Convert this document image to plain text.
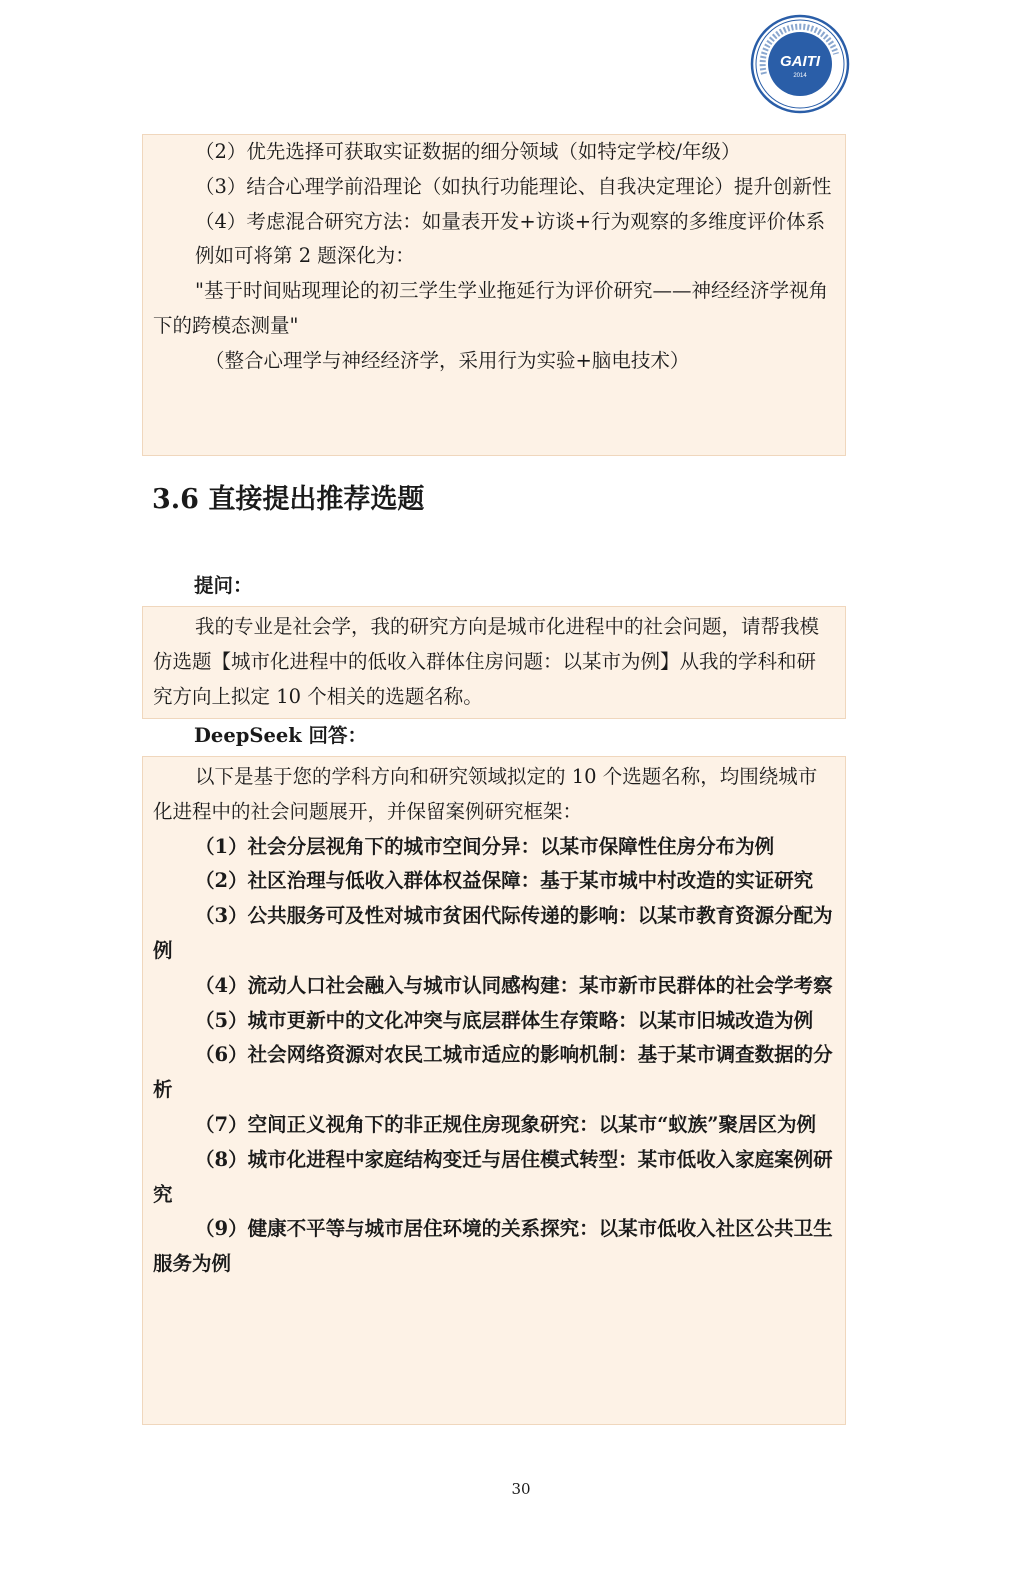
GAITI
2014

（2）优先选择可获取实证数据的细分领域（如特定学校/年级）

（3）结合心理学前沿理论（如执行功能理论、自我决定理论）提升创新性

（4）考虑混合研究方法：如量表开发+访谈+行为观察的多维度评价体系

例如可将第 2 题深化为：

"基于时间贴现理论的初三学生学业拖延行为评价研究——神经经济学视角下的跨模态测量"

（整合心理学与神经经济学，采用行为实验+脑电技术）

3.6 直接提出推荐选题

提问：

我的专业是社会学，我的研究方向是城市化进程中的社会问题，请帮我模仿选题【城市化进程中的低收入群体住房问题：以某市为例】从我的学科和研究方向上拟定 10 个相关的选题名称。

DeepSeek 回答：

以下是基于您的学科方向和研究领域拟定的 10 个选题名称，均围绕城市化进程中的社会问题展开，并保留案例研究框架：

（1）社会分层视角下的城市空间分异：以某市保障性住房分布为例

（2）社区治理与低收入群体权益保障：基于某市城中村改造的实证研究

（3）公共服务可及性对城市贫困代际传递的影响：以某市教育资源分配为例

（4）流动人口社会融入与城市认同感构建：某市新市民群体的社会学考察

（5）城市更新中的文化冲突与底层群体生存策略：以某市旧城改造为例

（6）社会网络资源对农民工城市适应的影响机制：基于某市调查数据的分析

（7）空间正义视角下的非正规住房现象研究：以某市“蚁族”聚居区为例

（8）城市化进程中家庭结构变迁与居住模式转型：某市低收入家庭案例研究

（9）健康不平等与城市居住环境的关系探究：以某市低收入社区公共卫生服务为例

30
